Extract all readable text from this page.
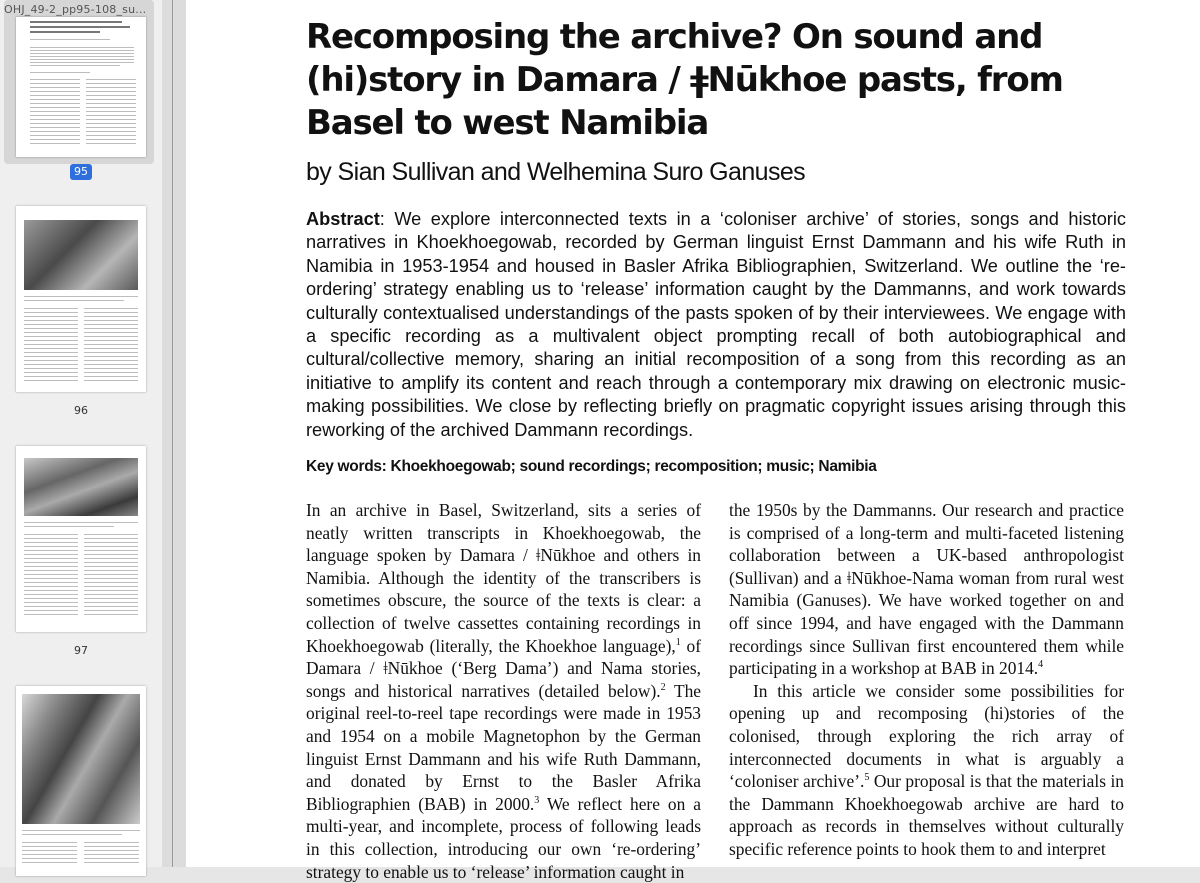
OHJ_49-2_pp95-108_su...
95
96
97
Recomposing the archive? On sound and (hi)story in Damara / ǂNūkhoe pasts, from Basel to west Namibia
by Sian Sullivan and Welhemina Suro Ganuses

Abstract: We explore interconnected texts in a ‘coloniser archive’ of stories, songs and historic narratives in Khoekhoegowab, recorded by German linguist Ernst Dammann and his wife Ruth in Namibia in 1953-1954 and housed in Basler Afrika Bibliographien, Switzerland. We outline the ‘re-ordering’ strategy enabling us to ‘release’ information caught by the Dammanns, and work towards culturally contextualised understandings of the pasts spoken of by their interviewees. We engage with a specific recording as a multivalent object prompting recall of both autobiographical and cultural/collective memory, sharing an initial recomposition of a song from this recording as an initiative to amplify its content and reach through a contemporary mix drawing on electronic music-making possibilities. We close by reflecting briefly on pragmatic copyright issues arising through this reworking of the archived Dammann recordings.

Key words: Khoekhoegowab; sound recordings; recomposition; music; Namibia

In an archive in Basel, Switzerland, sits a series of neatly written transcripts in Khoekhoegowab, the language spoken by Damara / ǂNūkhoe and others in Namibia. Although the identity of the transcribers is sometimes obscure, the source of the texts is clear: a collection of twelve cassettes containing recordings in Khoekhoegowab (literally, the Khoekhoe language),$^1$ of Damara / ǂNūkhoe (‘Berg Dama’) and Nama stories, songs and historical narratives (detailed below).$^2$ The original reel-to-reel tape recordings were made in 1953 and 1954 on a mobile Magnetophon by the German linguist Ernst Dammann and his wife Ruth Dammann, and donated by Ernst to the Basler Afrika Bibliographien (BAB) in 2000.$^3$ We reflect here on a multi-year, and incomplete, process of following leads in this collection, introducing our own ‘re-ordering’ strategy to enable us to ‘release’ information caught in

the 1950s by the Dammanns. Our research and practice is comprised of a long-term and multi-faceted listening collaboration between a UK-based anthropologist (Sullivan) and a ǂNūkhoe-Nama woman from rural west Namibia (Ganuses). We have worked together on and off since 1994, and have engaged with the Dammann recordings since Sullivan first encountered them while participating in a workshop at BAB in 2014.$^4$

In this article we consider some possibilities for opening up and recomposing (hi)stories of the colonised, through exploring the rich array of interconnected documents in what is arguably a ‘coloniser archive’.$^5$ Our proposal is that the materials in the Dammann Khoekhoegowab archive are hard to approach as records in themselves without culturally specific reference points to hook them to and interpret
